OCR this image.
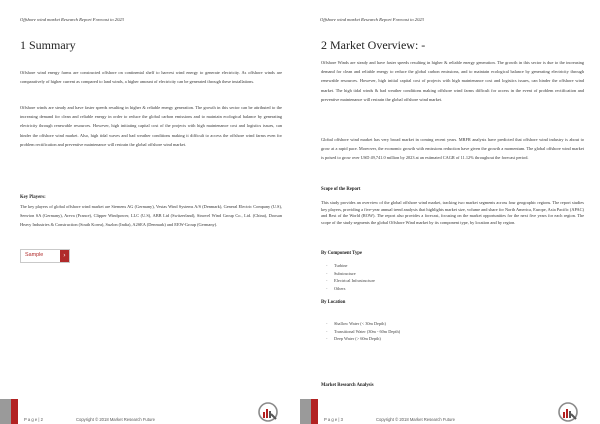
Offshore wind market Research Report Forecast to 2023
1 Summary

Offshore wind energy farms are constructed offshore on continental shelf to harvest wind energy to generate electricity. As offshore winds are comparatively of higher current as compared to land winds, a higher amount of electricity can be generated through these installations.

Offshore winds are steady and have faster speeds resulting in higher & reliable energy generation. The growth in this sector can be attributed to the increasing demand for clean and reliable energy in order to reduce the global carbon emissions and to maintain ecological balance by generating electricity through renewable resources. However, high initiating capital cost of the projects with high maintenance cost and logistics issues, can hinder the offshore wind market. Also, high tidal waves and bad weather conditions making it difficult to access the offshore wind farms even for problem rectification and preventive maintenance will restrain the global offshore wind market.

Key Players:

The key players of global offshore wind market are Siemens AG (Germany), Vestas Wind Systems A/S (Denmark), General Electric Company (U.S), Senvion SA (Germany), Areva (France), Clipper Windpower, LLC (U.S), ABB Ltd (Switzerland), Sinovel Wind Group Co., Ltd. (China), Doosan Heavy Industries & Construction (South Korea), Suzlon (India), A2SEA (Denmark) and EEW-Group (Germany).

Sample	›
P a g e | 2	Copyright © 2018 Market Research Future
Offshore wind market Research Report Forecast to 2023
2 Market Overview: -

Offshore Winds are steady and have faster speeds resulting in higher & reliable energy generation. The growth in this sector is due to the increasing demand for clean and reliable energy to reduce the global carbon emissions, and to maintain ecological balance by generating electricity through renewable resources. However, high initial capital cost of projects with high maintenance cost and logistics issues, can hinder the offshore wind market. The high tidal winds & bad weather conditions making offshore wind farms difficult for access in the event of problem rectification and preventive maintenance will restrain the global offshore wind market.

Global offshore wind market has very broad market in coming recent years. MRFR analysts have predicted that offshore wind industry is about to grow at a rapid pace. Moreover, the economic growth with emissions reduction have given the growth a momentum. The global offshore wind market is poised to grow over USD 49,741.0 million by 2023 at an estimated CAGR of 11.12% throughout the forecast period.

Scope of the Report

This study provides an overview of the global offshore wind market, tracking two market segments across four geographic regions. The report studies key players, providing a five-year annual trend analysis that highlights market size, volume and share for North America, Europe, Asia Pacific (APAC) and Rest of the World (ROW). The report also provides a forecast, focusing on the market opportunities for the next five years for each region. The scope of the study segments the global Offshore Wind market by its component type, by location and by region.

By Component Type
- Turbine
- Substructure
- Electrical Infrastructure
- Others
By Location
- Shallow Water (< 30m Depth)
- Transitional Water (30m - 60m Depth)
- Deep Water (> 60m Depth)
Market Research Analysis
P a g e | 3	Copyright © 2018 Market Research Future
